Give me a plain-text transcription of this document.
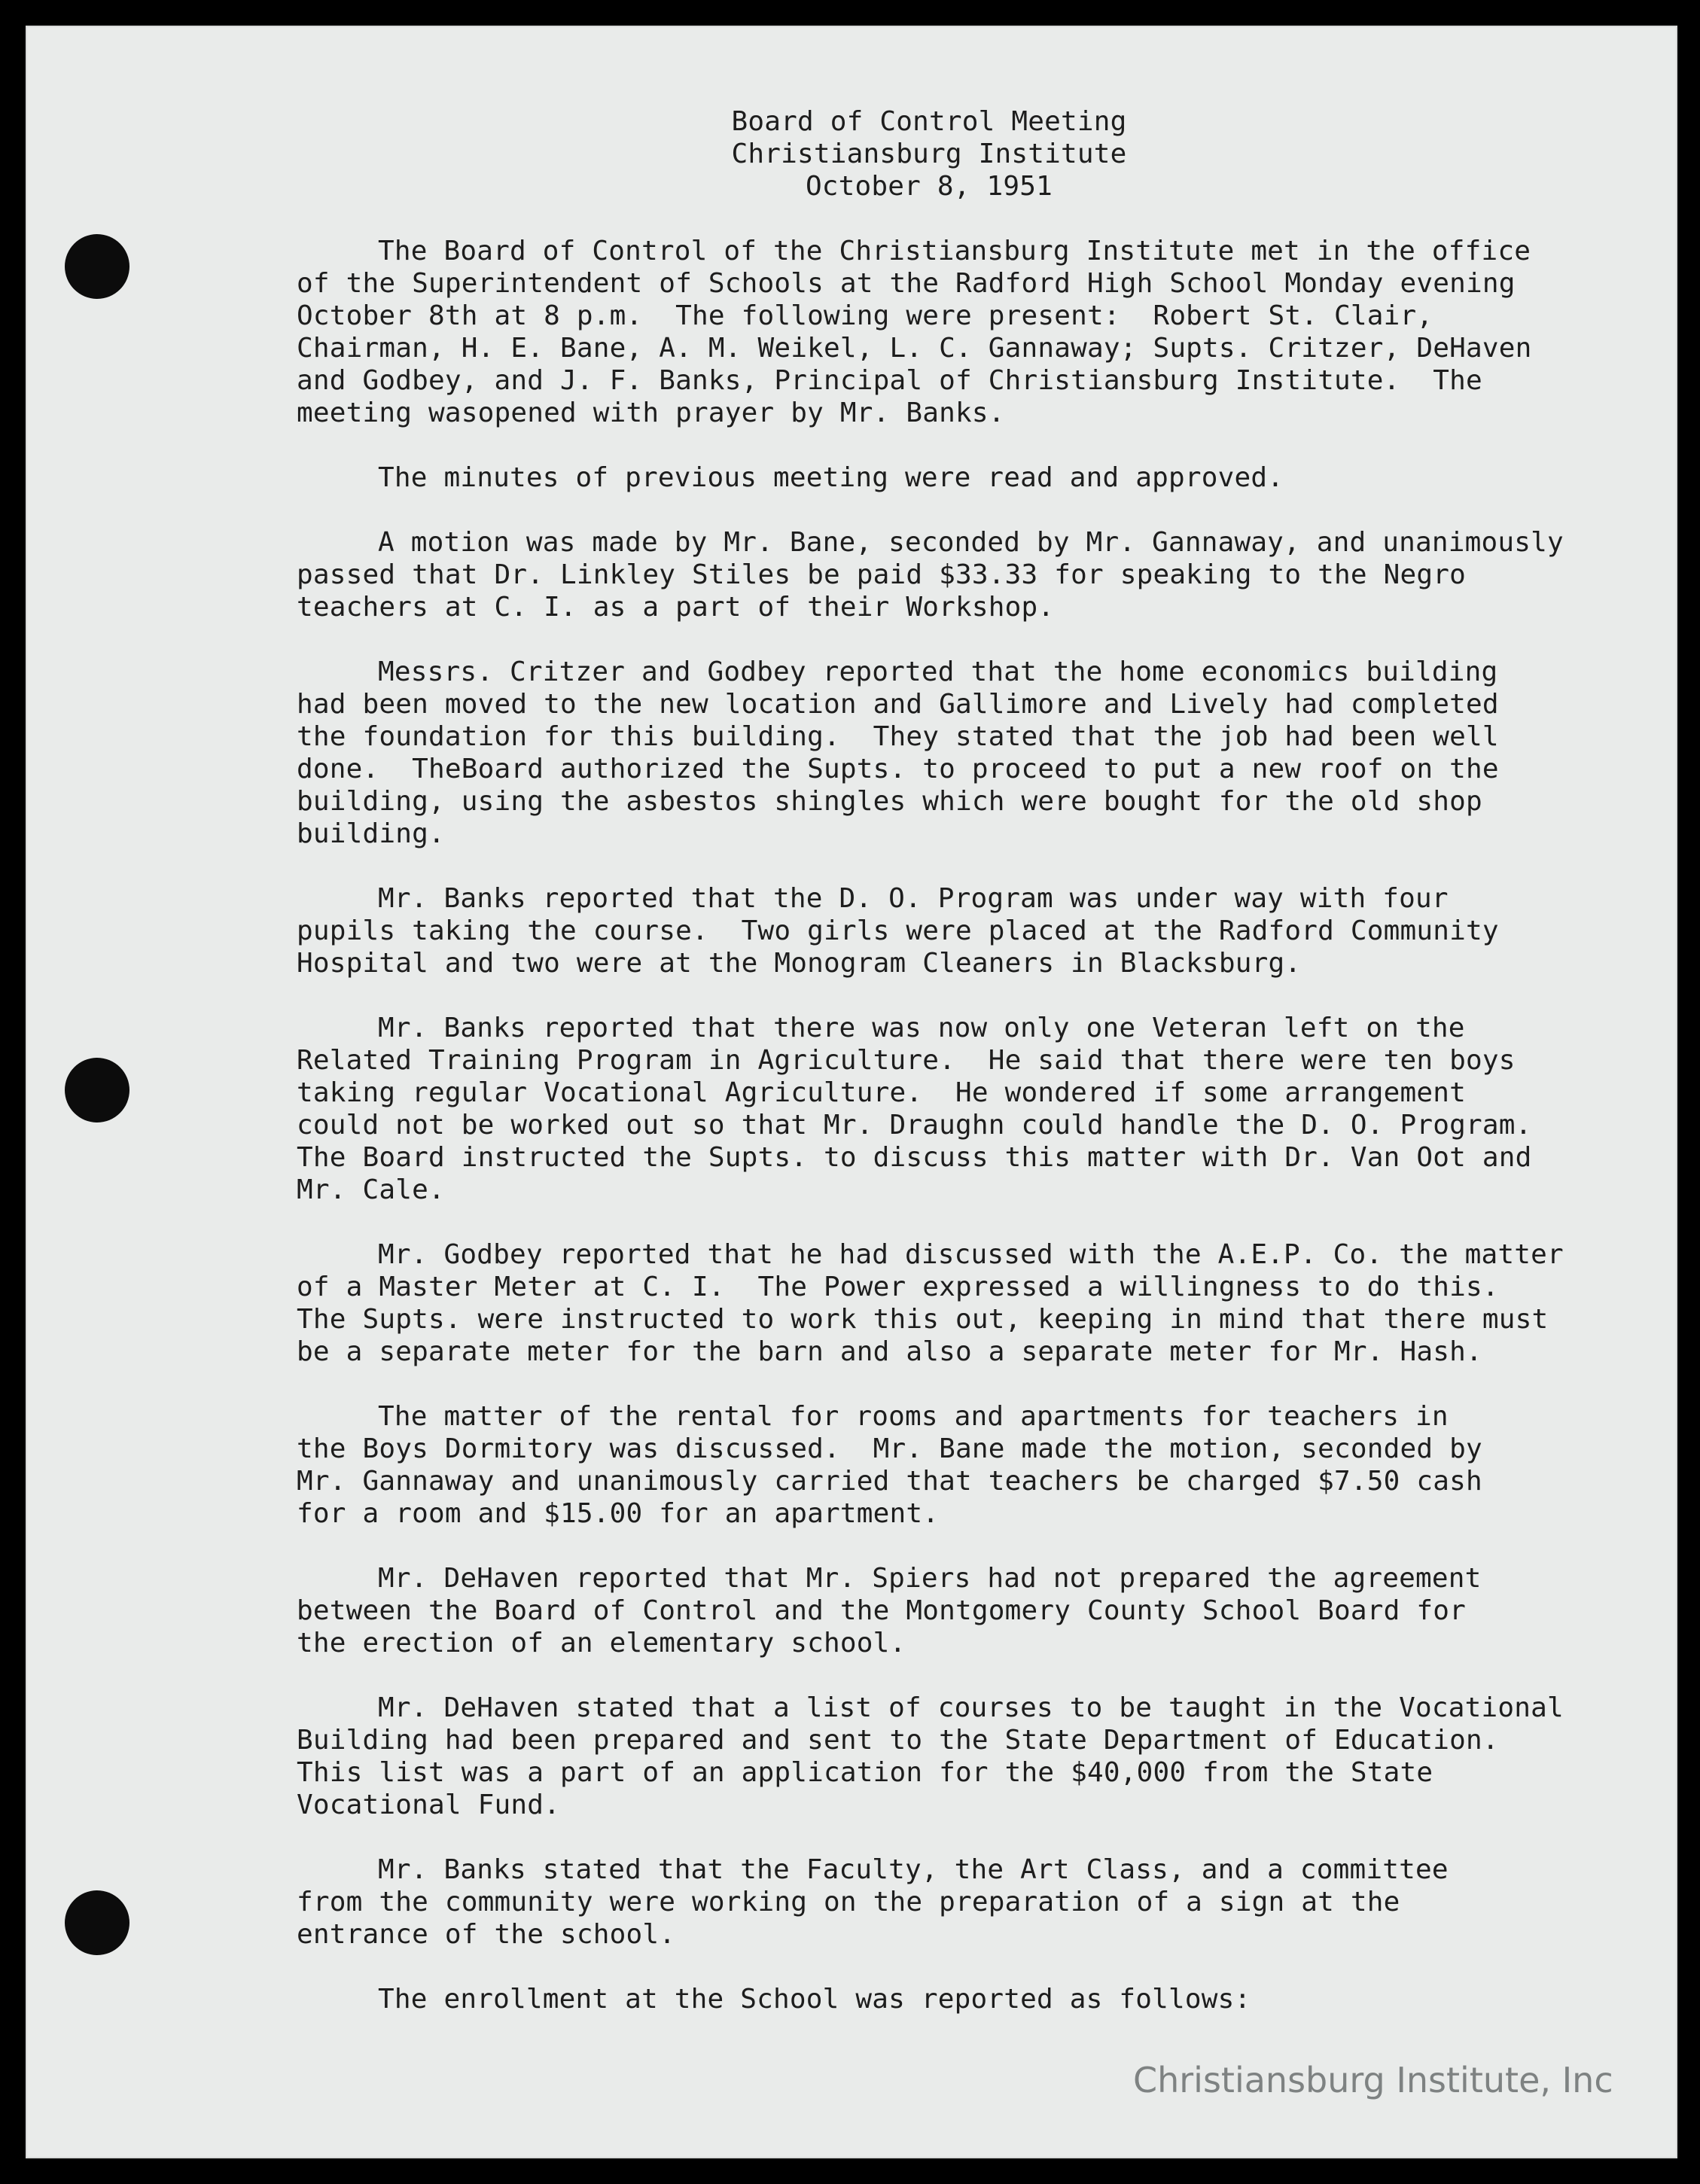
Board of Control Meeting
Christiansburg Institute
October 8, 1951
The Board of Control of the Christiansburg Institute met in the office
of the Superintendent of Schools at the Radford High School Monday evening
October 8th at 8 p.m.  The following were present:  Robert St. Clair,
Chairman, H. E. Bane, A. M. Weikel, L. C. Gannaway; Supts. Critzer, DeHaven
and Godbey, and J. F. Banks, Principal of Christiansburg Institute.  The
meeting wasopened with prayer by Mr. Banks.
The minutes of previous meeting were read and approved.
A motion was made by Mr. Bane, seconded by Mr. Gannaway, and unanimously
passed that Dr. Linkley Stiles be paid $33.33 for speaking to the Negro
teachers at C. I. as a part of their Workshop.
Messrs. Critzer and Godbey reported that the home economics building
had been moved to the new location and Gallimore and Lively had completed
the foundation for this building.  They stated that the job had been well
done.  TheBoard authorized the Supts. to proceed to put a new roof on the
building, using the asbestos shingles which were bought for the old shop
building.
Mr. Banks reported that the D. O. Program was under way with four
pupils taking the course.  Two girls were placed at the Radford Community
Hospital and two were at the Monogram Cleaners in Blacksburg.
Mr. Banks reported that there was now only one Veteran left on the
Related Training Program in Agriculture.  He said that there were ten boys
taking regular Vocational Agriculture.  He wondered if some arrangement
could not be worked out so that Mr. Draughn could handle the D. O. Program.
The Board instructed the Supts. to discuss this matter with Dr. Van Oot and
Mr. Cale.
Mr. Godbey reported that he had discussed with the A.E.P. Co. the matter
of a Master Meter at C. I.  The Power expressed a willingness to do this.
The Supts. were instructed to work this out, keeping in mind that there must
be a separate meter for the barn and also a separate meter for Mr. Hash.
The matter of the rental for rooms and apartments for teachers in
the Boys Dormitory was discussed.  Mr. Bane made the motion, seconded by
Mr. Gannaway and unanimously carried that teachers be charged $7.50 cash
for a room and $15.00 for an apartment.
Mr. DeHaven reported that Mr. Spiers had not prepared the agreement
between the Board of Control and the Montgomery County School Board for
the erection of an elementary school.
Mr. DeHaven stated that a list of courses to be taught in the Vocational
Building had been prepared and sent to the State Department of Education.
This list was a part of an application for the $40,000 from the State
Vocational Fund.
Mr. Banks stated that the Faculty, the Art Class, and a committee
from the community were working on the preparation of a sign at the
entrance of the school.
The enrollment at the School was reported as follows:
Christiansburg Institute, Inc
